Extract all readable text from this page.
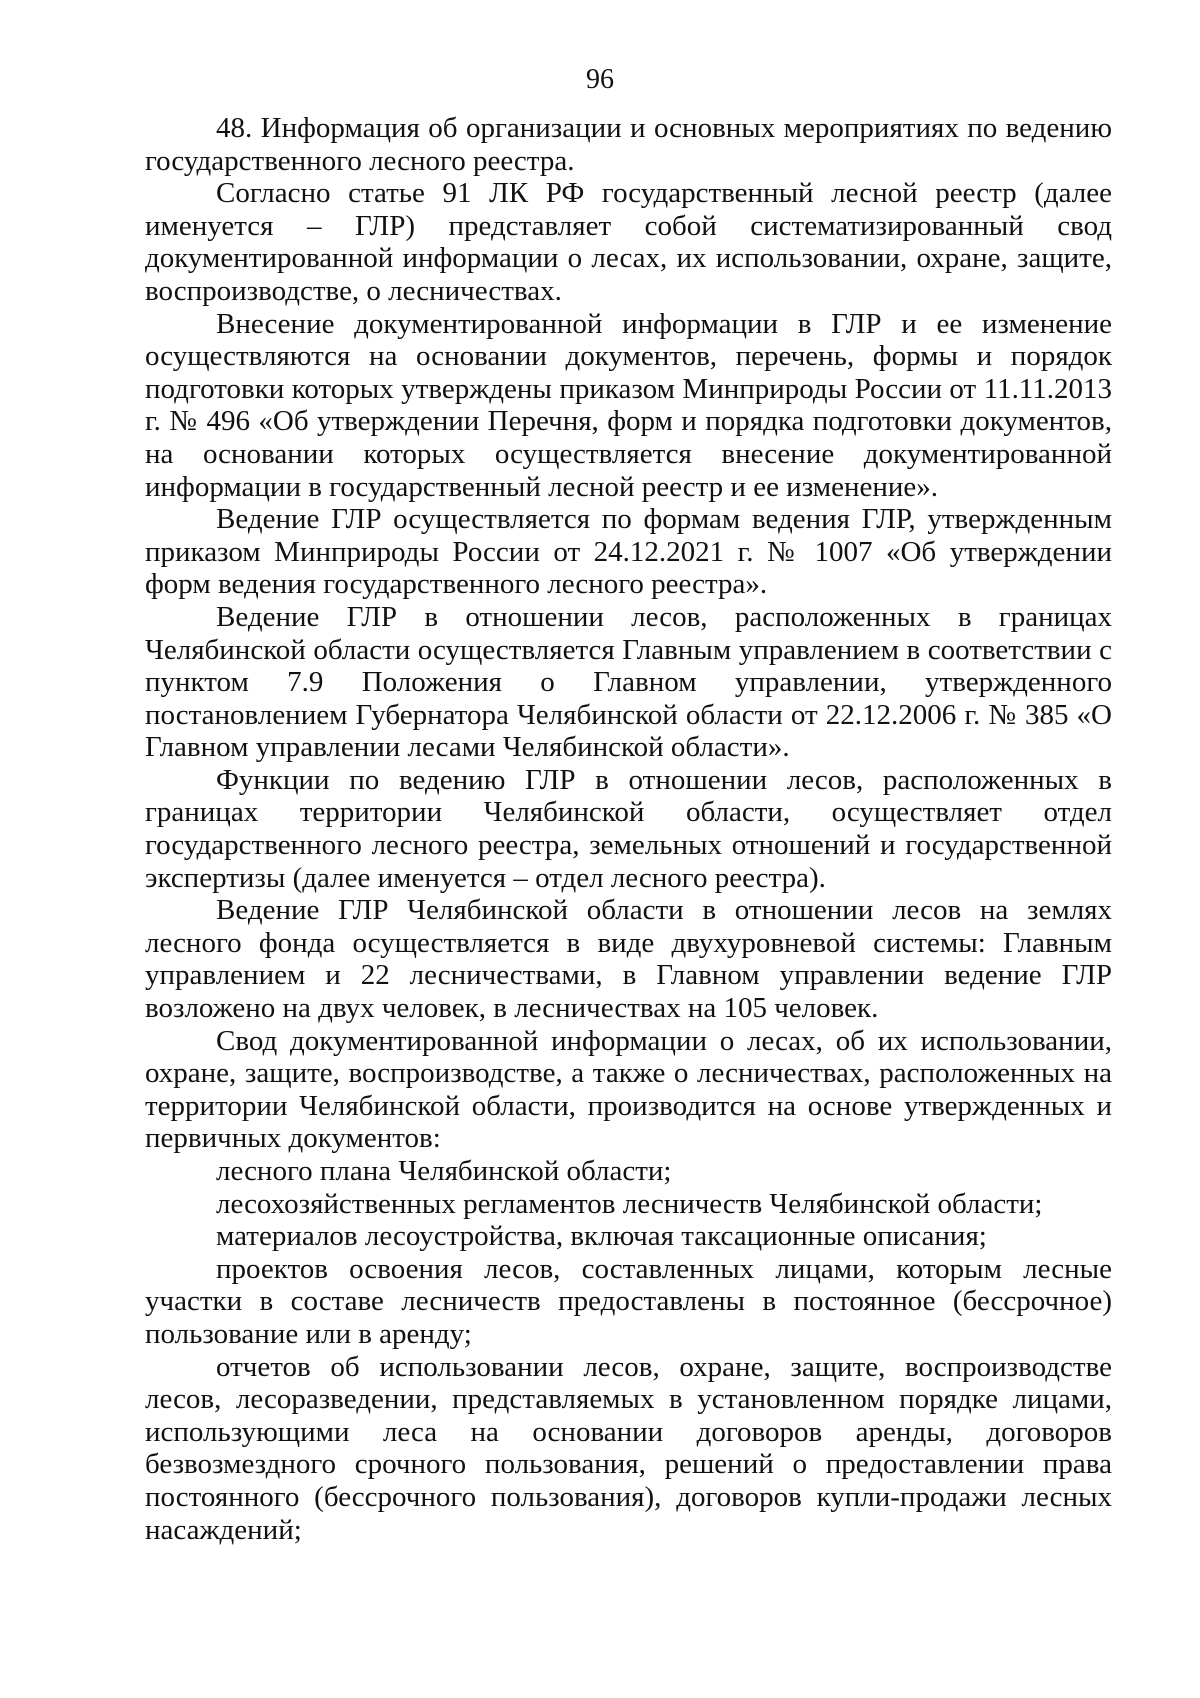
96

48. Информация об организации и основных мероприятиях по ведению государственного лесного реестра.

Согласно статье 91 ЛК РФ государственный лесной реестр (далее именуется – ГЛР) представляет собой систематизированный свод документированной информации о лесах, их использовании, охране, защите, воспроизводстве, о лесничествах.

Внесение документированной информации в ГЛР и ее изменение осуществляются на основании документов, перечень, формы и порядок подготовки которых утверждены приказом Минприроды России от 11.11.2013 г. № 496 «Об утверждении Перечня, форм и порядка подготовки документов, на основании которых осуществляется внесение документированной информации в государственный лесной реестр и ее изменение».

Ведение ГЛР осуществляется по формам ведения ГЛР, утвержденным приказом Минприроды России от 24.12.2021 г. № 1007 «Об утверждении форм ведения государственного лесного реестра».

Ведение ГЛР в отношении лесов, расположенных в границах Челябинской области осуществляется Главным управлением в соответствии с пунктом 7.9 Положения о Главном управлении, утвержденного постановлением Губернатора Челябинской области от 22.12.2006 г. № 385 «О Главном управлении лесами Челябинской области».

Функции по ведению ГЛР в отношении лесов, расположенных в границах территории Челябинской области, осуществляет отдел государственного лесного реестра, земельных отношений и государственной экспертизы (далее именуется – отдел лесного реестра).

Ведение ГЛР Челябинской области в отношении лесов на землях лесного фонда осуществляется в виде двухуровневой системы: Главным управлением и 22 лесничествами, в Главном управлении ведение ГЛР возложено на двух человек, в лесничествах на 105 человек.

Свод документированной информации о лесах, об их использовании, охране, защите, воспроизводстве, а также о лесничествах, расположенных на территории Челябинской области, производится на основе утвержденных и первичных документов:

лесного плана Челябинской области;

лесохозяйственных регламентов лесничеств Челябинской области;

материалов лесоустройства, включая таксационные описания;

проектов освоения лесов, составленных лицами, которым лесные участки в составе лесничеств предоставлены в постоянное (бессрочное) пользование или в аренду;

отчетов об использовании лесов, охране, защите, воспроизводстве лесов, лесоразведении, представляемых в установленном порядке лицами, использующими леса на основании договоров аренды, договоров безвозмездного срочного пользования, решений о предоставлении права постоянного (бессрочного пользования), договоров купли-продажи лесных насаждений;
